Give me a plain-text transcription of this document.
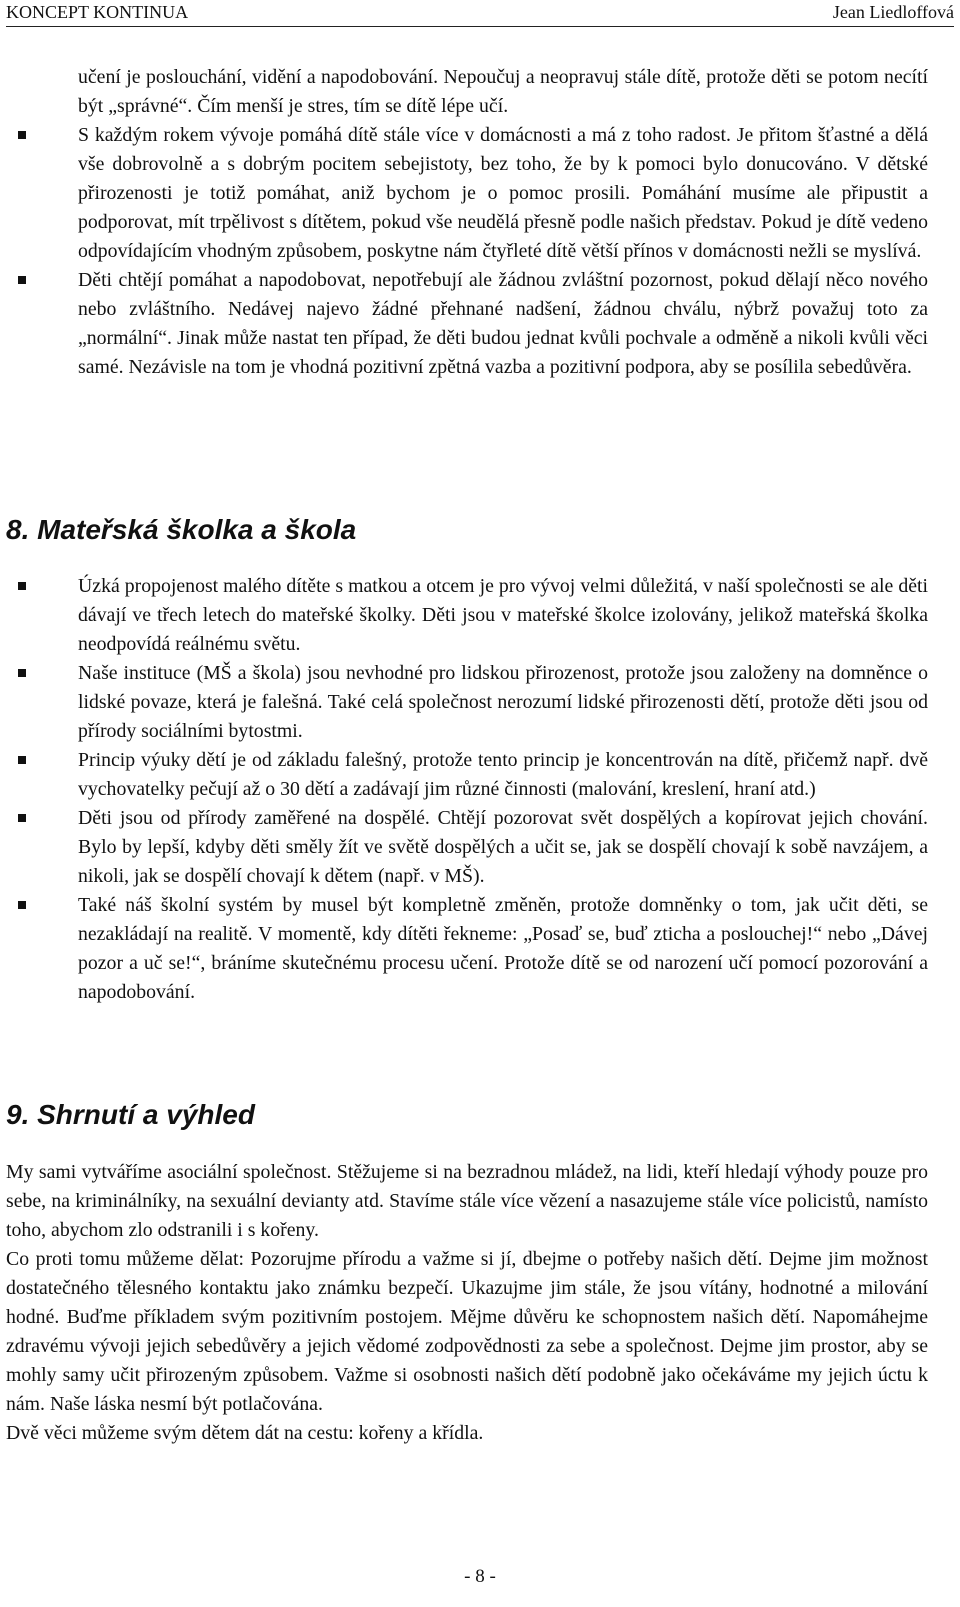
KONCEPT KONTINUA	Jean Liedloffová
učení je poslouchání, vidění a napodobování. Nepoučuj a neopravuj stále dítě, protože děti se potom necítí být „správné“. Čím menší je stres, tím se dítě lépe učí.
S každým rokem vývoje pomáhá dítě stále více v domácnosti a má z toho radost. Je přitom šťastné a dělá vše dobrovolně a s dobrým pocitem sebejistoty, bez toho, že by k pomoci bylo donucováno. V dětské přirozenosti je totiž pomáhat, aniž bychom je o pomoc prosili. Pomáhání musíme ale připustit a podporovat, mít trpělivost s dítětem, pokud vše neudělá přesně podle našich představ. Pokud je dítě vedeno odpovídajícím vhodným způsobem, poskytne nám čtyřleté dítě větší přínos v domácnosti nežli se myslívá.
Děti chtějí pomáhat a napodobovat, nepotřebují ale žádnou zvláštní pozornost, pokud dělají něco nového nebo zvláštního. Nedávej najevo žádné přehnané nadšení, žádnou chválu, nýbrž považuj toto za „normální“. Jinak může nastat ten případ, že děti budou jednat kvůli pochvale a odměně a nikoli kvůli věci samé. Nezávisle na tom je vhodná pozitivní zpětná vazba a pozitivní podpora, aby se posílila sebedůvěra.
8. Mateřská školka a škola
Úzká propojenost malého dítěte s matkou a otcem je pro vývoj velmi důležitá, v naší společnosti se ale děti dávají ve třech letech do mateřské školky. Děti jsou v mateřské školce izolovány, jelikož mateřská školka neodpovídá reálnému světu.
Naše instituce (MŠ a škola) jsou nevhodné pro lidskou přirozenost, protože jsou založeny na domněnce o lidské povaze, která je falešná. Také celá společnost nerozumí lidské přirozenosti dětí, protože děti jsou od přírody sociálními bytostmi.
Princip výuky dětí je od základu falešný, protože tento princip je koncentrován na dítě, přičemž např. dvě vychovatelky pečují až o 30 dětí a zadávají jim různé činnosti (malování, kreslení, hraní atd.)
Děti jsou od přírody zaměřené na dospělé. Chtějí pozorovat svět dospělých a kopírovat jejich chování. Bylo by lepší, kdyby děti směly žít ve světě dospělých a učit se, jak se dospělí chovají k sobě navzájem, a nikoli, jak se dospělí chovají k dětem (např. v MŠ).
Také náš školní systém by musel být kompletně změněn, protože domněnky o tom, jak učit děti, se nezakládají na realitě. V momentě, kdy dítěti řekneme: „Posaď se, buď zticha a poslouchej!“ nebo „Dávej pozor a uč se!“, bráníme skutečnému procesu učení. Protože dítě se od narození učí pomocí pozorování a napodobování.
9. Shrnutí a výhled

My sami vytváříme asociální společnost. Stěžujeme si na bezradnou mládež, na lidi, kteří hledají výhody pouze pro sebe, na kriminálníky, na sexuální devianty atd. Stavíme stále více vězení a nasazujeme stále více policistů, namísto toho, abychom zlo odstranili i s kořeny.

Co proti tomu můžeme dělat: Pozorujme přírodu a važme si jí, dbejme o potřeby našich dětí. Dejme jim možnost dostatečného tělesného kontaktu jako známku bezpečí. Ukazujme jim stále, že jsou vítány, hodnotné a milování hodné. Buďme příkladem svým pozitivním postojem. Mějme důvěru ke schopnostem našich dětí. Napomáhejme zdravému vývoji jejich sebedůvěry a jejich vědomé zodpovědnosti za sebe a společnost. Dejme jim prostor, aby se mohly samy učit přirozeným způsobem. Važme si osobnosti našich dětí podobně jako očekáváme my jejich úctu k nám. Naše láska nesmí být potlačována.

Dvě věci můžeme svým dětem dát na cestu: kořeny a křídla.

- 8 -
